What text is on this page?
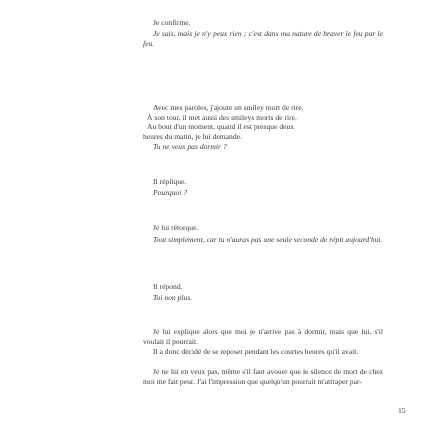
Je confirme.

Je sais, mais je n'y peux rien ; c'est dans ma nature de braver le feu par le feu.

Avec mes paroles, j'ajoute un smiley mort de rire.
À son tour, il met aussi des smileys morts de rire.
Au bout d'un moment, quand il est presque deux
heures du matin, je lui demande.

Tu ne veux pas dormir ?

Il réplique.

Pourquoi ?

Je lui rétorque.

Tout simplement, car tu n'auras pas une seule seconde de répit aujourd'hui.

Il répond.

Toi non plus.

Je lui explique alors que moi je n'arrive pas à dormir, mais que lui, s'il voulait il pourrait.

Il a donc décidé de se reposer pendant les courtes heures qu'il avait.

Je ne lui en veux pas, même s'il faut avouer que le silence de mort de chez moi me fait peur. J'ai l'impression que quelqu'un pourrait m'attraper par-

15
